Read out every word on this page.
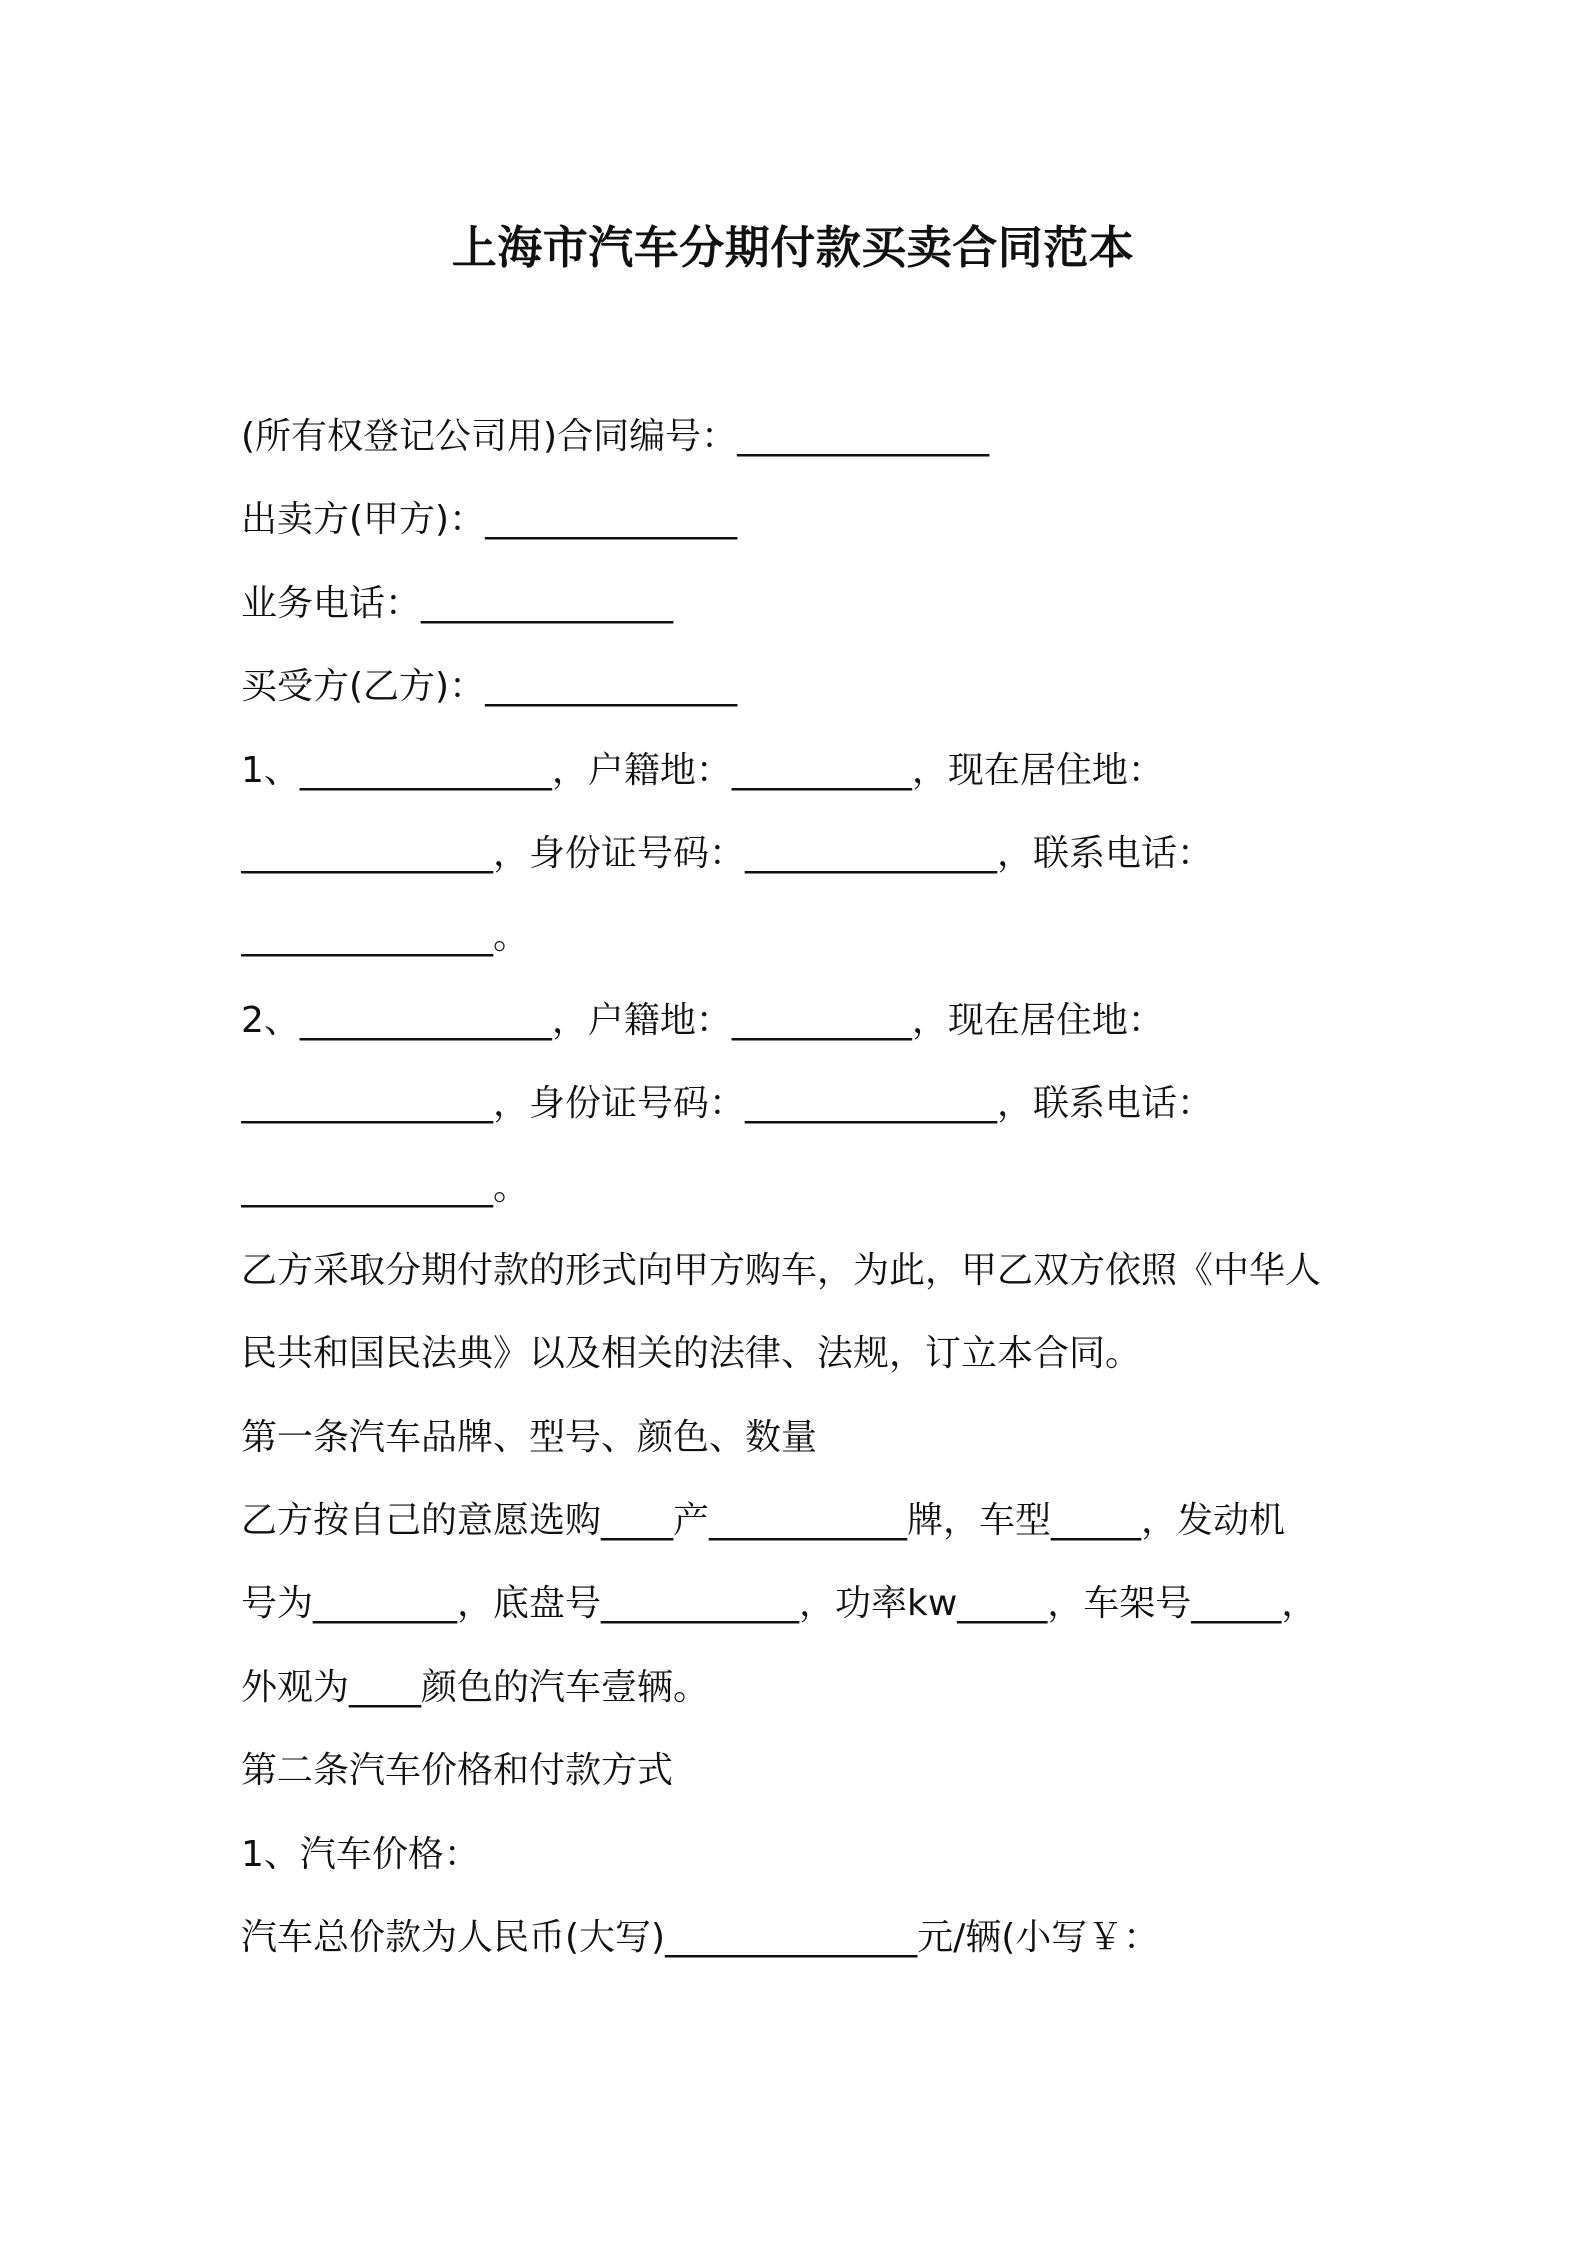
上海市汽车分期付款买卖合同范本

(所有权登记公司用)合同编号：______________

出卖方(甲方)：______________

业务电话：______________

买受方(乙方)：______________

1、______________，户籍地：__________，现在居住地：

______________，身份证号码：______________，联系电话：

______________。

2、______________，户籍地：__________，现在居住地：

______________，身份证号码：______________，联系电话：

______________。

乙方采取分期付款的形式向甲方购车，为此，甲乙双方依照《中华人

民共和国民法典》以及相关的法律、法规，订立本合同。

第一条汽车品牌、型号、颜色、数量

乙方按自己的意愿选购____产___________牌，车型_____，发动机

号为________，底盘号___________，功率kw_____，车架号_____，

外观为____颜色的汽车壹辆。

第二条汽车价格和付款方式

1、汽车价格：

汽车总价款为人民币(大写)______________元/辆(小写￥：
